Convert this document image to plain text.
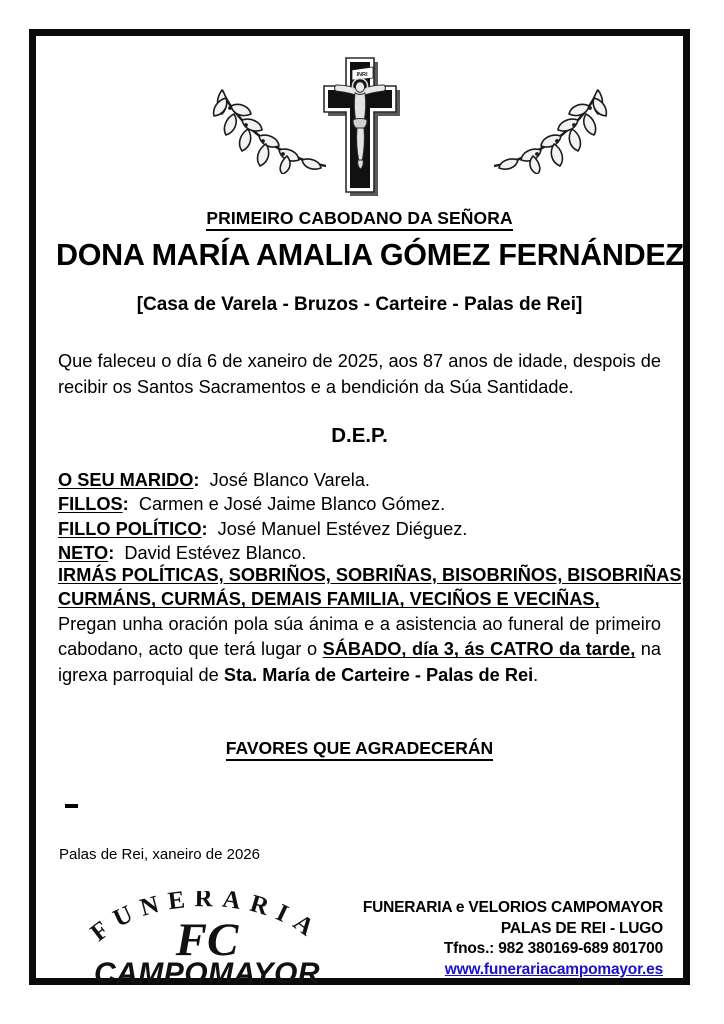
INRI
PRIMEIRO CABODANO DA SEÑORA
DONA MARÍA AMALIA GÓMEZ FERNÁNDEZ
[Casa de Varela - Bruzos - Carteire - Palas de Rei]
Que faleceu o día 6 de xaneiro de 2025, aos 87 anos de idade, despois de recibir os Santos Sacramentos e a bendición da Súa Santidade.
D.E.P.
O SEU MARIDO: José Blanco Varela.
FILLOS: Carmen e José Jaime Blanco Gómez.
FILLO POLÍTICO: José Manuel Estévez Diéguez.
NETO: David Estévez Blanco.
IRMÁS POLÍTICAS, SOBRIÑOS, SOBRIÑAS, BISOBRIÑOS, BISOBRIÑAS,
CURMÁNS, CURMÁS, DEMAIS FAMILIA, VECIÑOS E VECIÑAS,
Pregan unha oración pola súa ánima e a asistencia ao funeral de primeiro cabodano, acto que terá lugar o SÁBADO, día 3, ás CATRO da tarde, na igrexa parroquial de Sta. María de Carteire - Palas de Rei.
FAVORES QUE AGRADECERÁN
Palas de Rei, xaneiro de 2026
FUNERARIA
FC
CAMPOMAYOR
FUNERARIA e VELORIOS CAMPOMAYOR
PALAS DE REI - LUGO
Tfnos.: 982 380169-689 801700
www.funerariacampomayor.es
